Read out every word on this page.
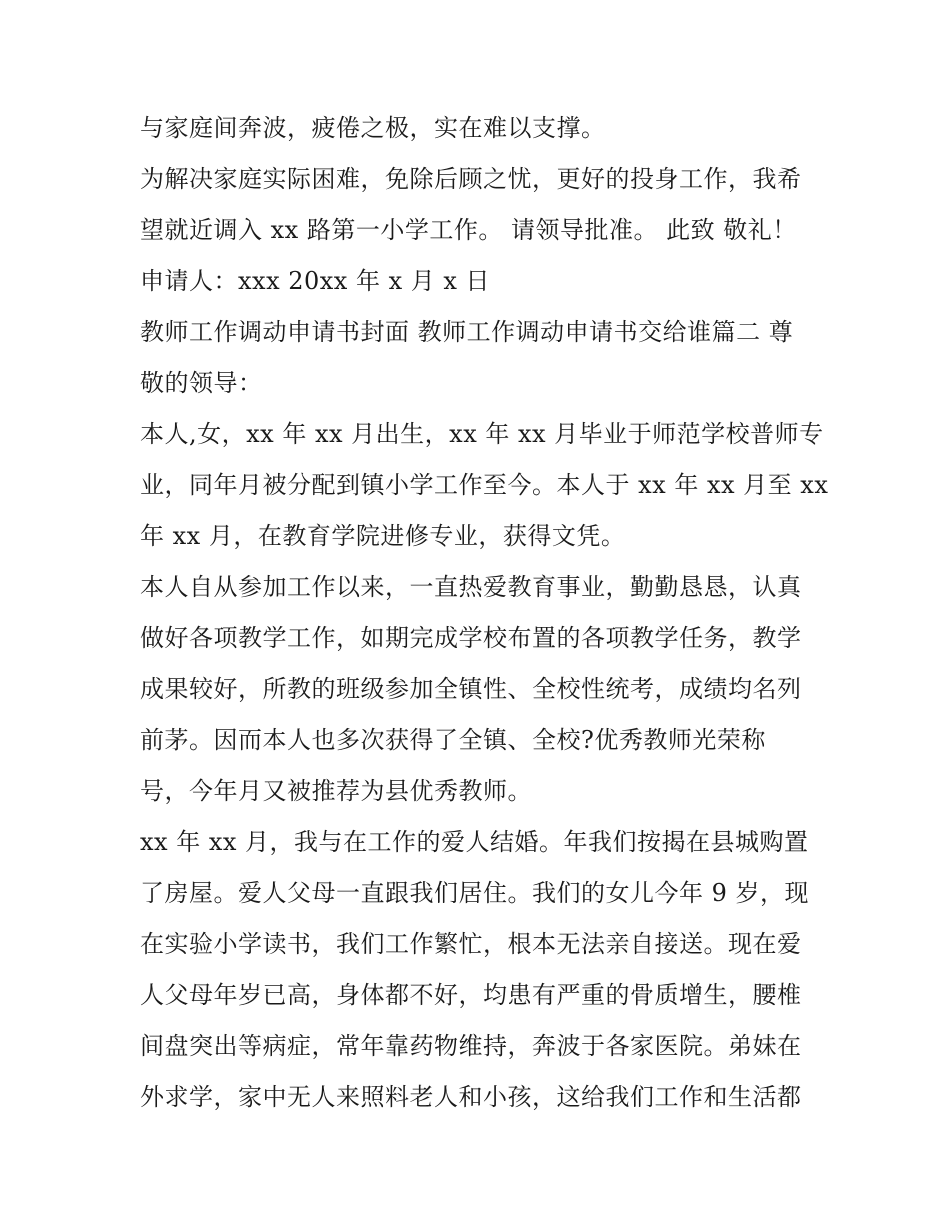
与家庭间奔波，疲倦之极，实在难以支撑。
为解决家庭实际困难，免除后顾之忧，更好的投身工作，我希
望就近调入 xx 路第一小学工作。 请领导批准。 此致 敬礼！
申请人：xxx 20xx 年 x 月 x 日
教师工作调动申请书封面 教师工作调动申请书交给谁篇二 尊
敬的领导：
本人,女，xx 年 xx 月出生，xx 年 xx 月毕业于师范学校普师专
业，同年月被分配到镇小学工作至今。本人于 xx 年 xx 月至 xx
年 xx 月，在教育学院进修专业，获得文凭。
本人自从参加工作以来，一直热爱教育事业，勤勤恳恳，认真
做好各项教学工作，如期完成学校布置的各项教学任务，教学
成果较好，所教的班级参加全镇性、全校性统考，成绩均名列
前茅。因而本人也多次获得了全镇、全校?优秀教师光荣称
号，今年月又被推荐为县优秀教师。
xx 年 xx 月，我与在工作的爱人结婚。年我们按揭在县城购置
了房屋。爱人父母一直跟我们居住。我们的女儿今年 9 岁，现
在实验小学读书，我们工作繁忙，根本无法亲自接送。现在爱
人父母年岁已高，身体都不好，均患有严重的骨质增生，腰椎
间盘突出等病症，常年靠药物维持，奔波于各家医院。弟妹在
外求学，家中无人来照料老人和小孩，这给我们工作和生活都
